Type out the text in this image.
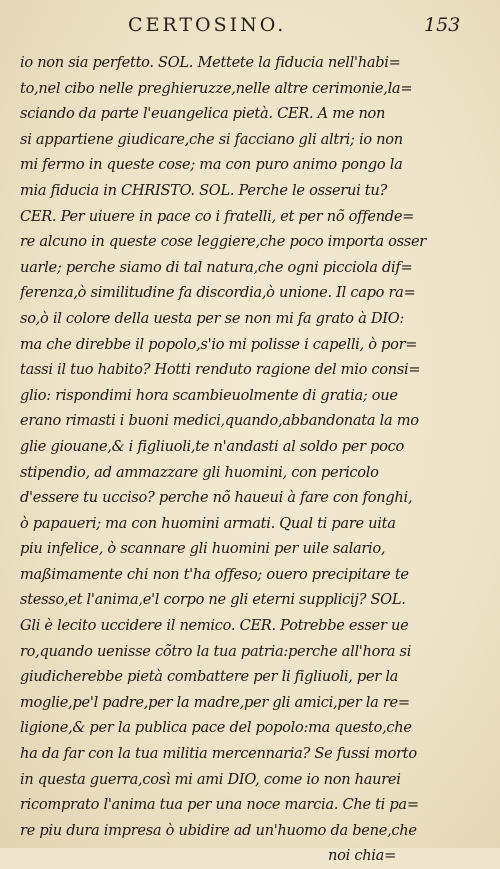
CERTOSINO.	153
io non sia perfetto. SOL. Mettete la fiducia nell'habi=
to,nel cibo nelle preghieruzze,nelle altre cerimonie,la=
sciando da parte l'euangelica pietà. CER. A me non
si appartiene giudicare,che si facciano gli altri; io non
mi fermo in queste cose; ma con puro animo pongo la
mia fiducia in CHRISTO. SOL. Perche le osserui tu?
CER. Per uiuere in pace co i fratelli, et per nõ offende=
re alcuno in queste cose leggiere,che poco importa osser
uarle; perche siamo di tal natura,che ogni picciola dif=
ferenza,ò similitudine fa discordia,ò unione. Il capo ra=
so,ò il colore della uesta per se non mi fa grato à DIO:
ma che direbbe il popolo,s'io mi polisse i capelli, ò por=
tassi il tuo habito? Hotti renduto ragione del mio consi=
glio: rispondimi hora scambieuolmente di gratia; oue
erano rimasti i buoni medici,quando,abbandonata la mo
glie giouane,& i figliuoli,te n'andasti al soldo per poco
stipendio, ad ammazzare gli huomini, con pericolo
d'essere tu ucciso? perche nõ haueui à fare con fonghi,
ò papaueri; ma con huomini armati. Qual ti pare uita
piu infelice, ò scannare gli huomini per uile salario,
maßimamente chi non t'ha offeso; ouero precipitare te
stesso,et l'anima,e'l corpo ne gli eterni supplicij? SOL.
Gli è lecito uccidere il nemico. CER. Potrebbe esser ue
ro,quando uenisse cõtro la tua patria:perche all'hora si
giudicherebbe pietà combattere per li figliuoli, per la
moglie,pe'l padre,per la madre,per gli amici,per la re=
ligione,& per la publica pace del popolo:ma questo,che
ha da far con la tua militia mercennaria? Se fussi morto
in questa guerra,così mi ami DIO, come io non haurei
ricomprato l'anima tua per una noce marcia. Che ti pa=
re piu dura impresa ò ubidire ad un'huomo da bene,che
noi chia=
